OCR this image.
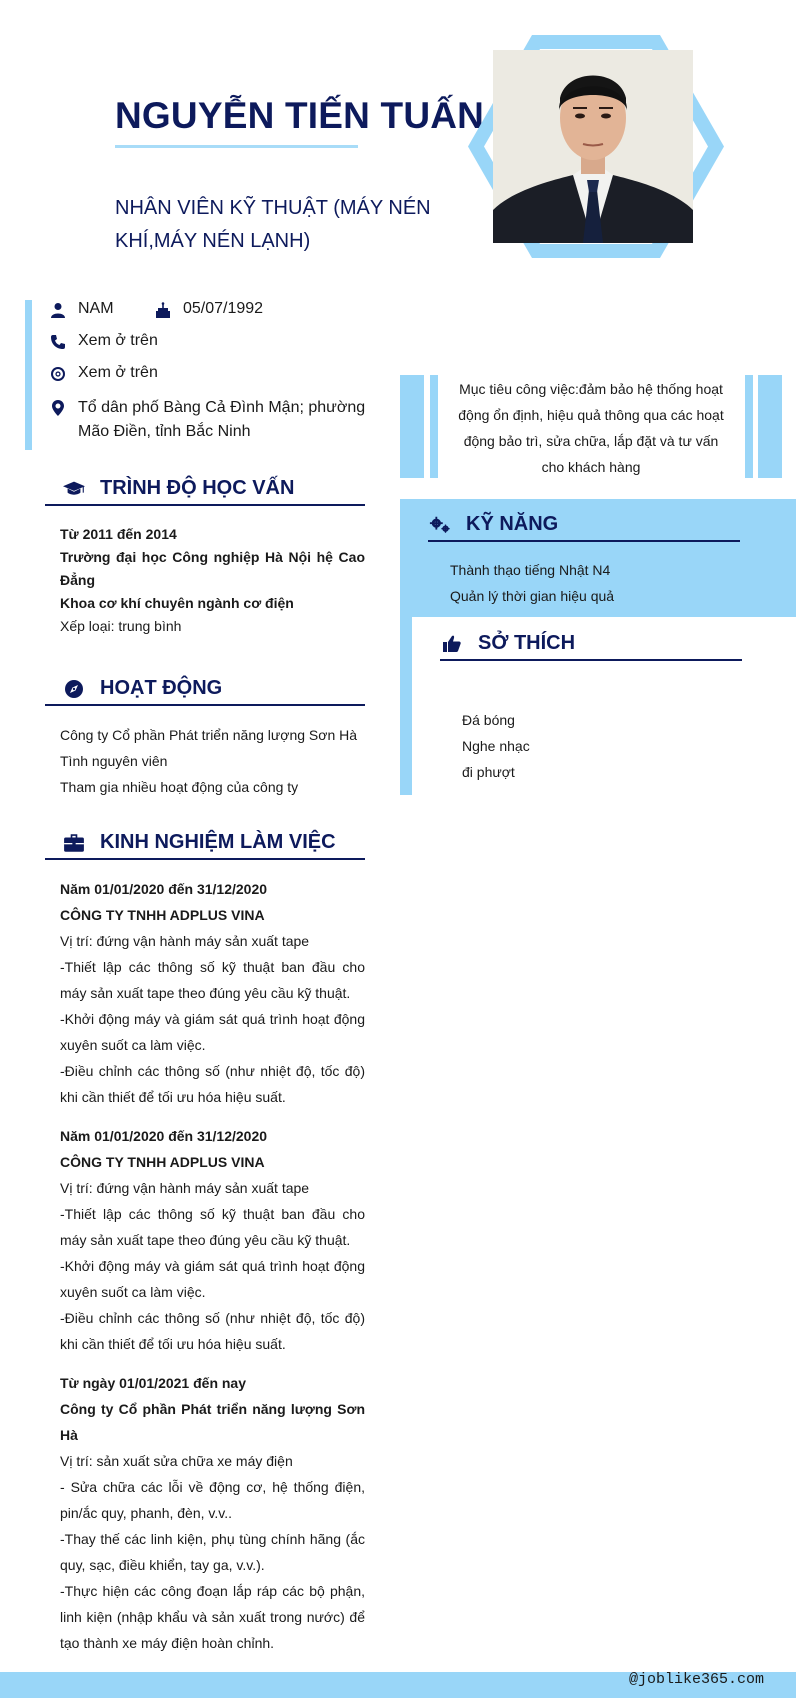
NGUYỄN TIẾN TUẤN
NHÂN VIÊN KỸ THUẬT (MÁY NÉN KHÍ,MÁY NÉN LẠNH)
NAM	05/07/1992
Xem ở trên
Xem ở trên
Tổ dân phố Bàng Cả Đình Mận; phường Mão Điền, tỉnh Bắc Ninh
Mục tiêu công việc:đảm bảo hệ thống hoạt động ổn định, hiệu quả thông qua các hoạt động bảo trì, sửa chữa, lắp đặt và tư vấn cho khách hàng
TRÌNH ĐỘ HỌC VẤN

Từ 2011 đến 2014

Trường đại học Công nghiệp Hà Nội hệ Cao Đẳng

Khoa cơ khí chuyên ngành cơ điện

Xếp loại: trung bình

HOẠT ĐỘNG

Công ty Cổ phần Phát triển năng lượng Sơn Hà

Tình nguyên viên

Tham gia nhiều hoạt động của công ty

KINH NGHIỆM LÀM VIỆC

Năm 01/01/2020 đến 31/12/2020

CÔNG TY TNHH ADPLUS VINA

Vị trí: đứng vận hành máy sản xuất tape

-Thiết lập các thông số kỹ thuật ban đầu cho máy sản xuất tape theo đúng yêu cầu kỹ thuật.

-Khởi động máy và giám sát quá trình hoạt động xuyên suốt ca làm việc.

-Điều chỉnh các thông số (như nhiệt độ, tốc độ) khi cần thiết để tối ưu hóa hiệu suất.

Năm 01/01/2020 đến 31/12/2020

CÔNG TY TNHH ADPLUS VINA

Vị trí: đứng vận hành máy sản xuất tape

-Thiết lập các thông số kỹ thuật ban đầu cho máy sản xuất tape theo đúng yêu cầu kỹ thuật.

-Khởi động máy và giám sát quá trình hoạt động xuyên suốt ca làm việc.

-Điều chỉnh các thông số (như nhiệt độ, tốc độ) khi cần thiết để tối ưu hóa hiệu suất.

Từ ngày 01/01/2021 đến nay

Công ty Cổ phần Phát triển năng lượng Sơn Hà

Vị trí: sản xuất sửa chữa xe máy điện

- Sửa chữa các lỗi về động cơ, hệ thống điện, pin/ắc quy, phanh, đèn, v.v..

-Thay thế các linh kiện, phụ tùng chính hãng (ắc quy, sạc, điều khiển, tay ga, v.v.).

-Thực hiện các công đoạn lắp ráp các bộ phận, linh kiện (nhập khẩu và sản xuất trong nước) để tạo thành xe máy điện hoàn chỉnh.

KỸ NĂNG

Thành thạo tiếng Nhật N4

Quản lý thời gian hiệu quả

SỞ THÍCH

Đá bóng

Nghe nhạc

đi phượt

@joblike365.com
